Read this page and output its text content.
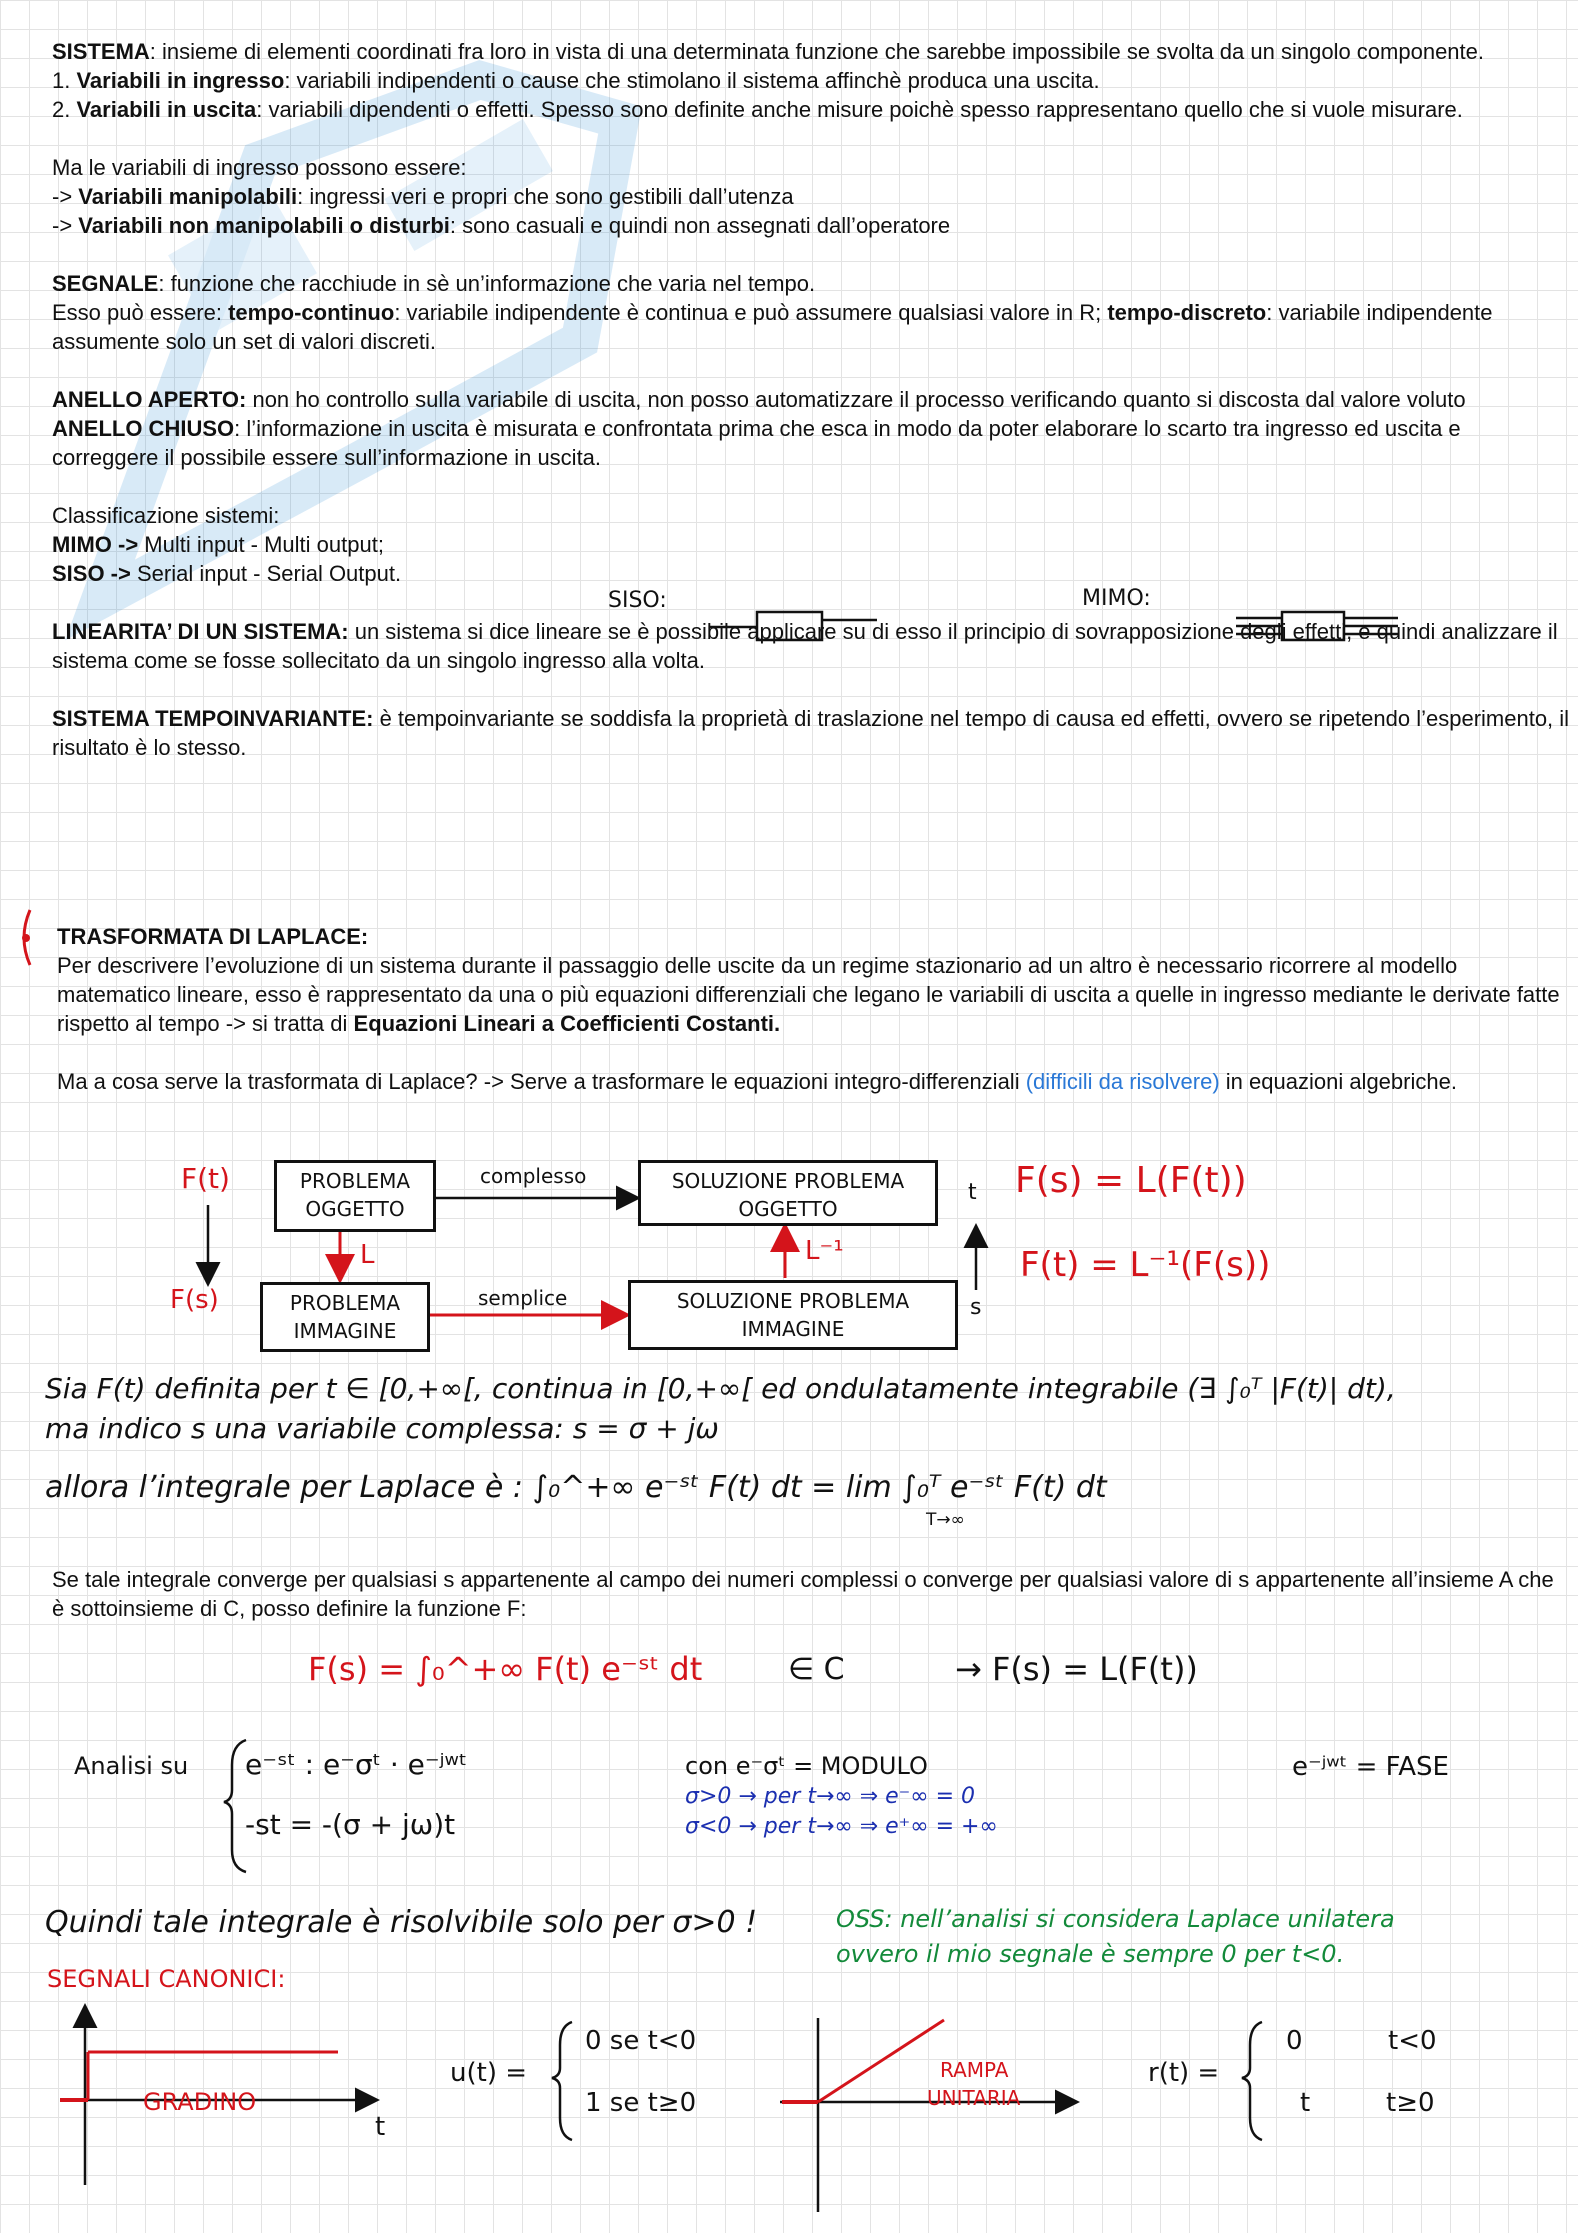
SISTEMA: insieme di elementi coordinati fra loro in vista di una determinata funzione che sarebbe impossibile se svolta da un singolo componente.

1. Variabili in ingresso: variabili indipendenti o cause che stimolano il sistema affinchè produca una uscita.

2. Variabili in uscita: variabili dipendenti o effetti. Spesso sono definite anche misure poichè spesso rappresentano quello che si vuole misurare.

Ma le variabili di ingresso possono essere:

-> Variabili manipolabili: ingressi veri e propri che sono gestibili dall’utenza

-> Variabili non manipolabili o disturbi: sono casuali e quindi non assegnati dall’operatore

SEGNALE: funzione che racchiude in sè un’informazione che varia nel tempo.

Esso può essere: tempo-continuo: variabile indipendente è continua e può assumere qualsiasi valore in R; tempo-discreto: variabile indipendente assumente solo un set di valori discreti.

ANELLO APERTO: non ho controllo sulla variabile di uscita, non posso automatizzare il processo verificando quanto si discosta dal valore voluto

ANELLO CHIUSO: l’informazione in uscita è misurata e confrontata prima che esca in modo da poter elaborare lo scarto tra ingresso ed uscita e correggere il possibile essere sull’informazione in uscita.

Classificazione sistemi:

MIMO -> Multi input - Multi output;

SISO -> Serial input - Serial Output.

LINEARITA’ DI UN SISTEMA: un sistema si dice lineare se è possibile applicare su di esso il principio di sovrapposizione degli effetti, e quindi analizzare il sistema come se fosse sollecitato da un singolo ingresso alla volta.

SISTEMA TEMPOINVARIANTE: è tempoinvariante se soddisfa la proprietà di traslazione nel tempo di causa ed effetti, ovvero se ripetendo l’esperimento, il risultato è lo stesso.

SISO:	MIMO:

TRASFORMATA DI LAPLACE:

Per descrivere l’evoluzione di un sistema durante il passaggio delle uscite da un regime stazionario ad un altro è necessario ricorrere al modello matematico lineare, esso è rappresentato da una o più equazioni differenziali che legano le variabili di uscita a quelle in ingresso mediante le derivate fatte rispetto al tempo -> si tratta di Equazioni Lineari a Coefficienti Costanti.

Ma a cosa serve la trasformata di Laplace? -> Serve a trasformare le equazioni integro-differenziali (difficili da risolvere) in equazioni algebriche.

F(t)
F(s)
PROBLEMA OGGETTO
SOLUZIONE PROBLEMA OGGETTO
PROBLEMA IMMAGINE
SOLUZIONE PROBLEMA IMMAGINE
complesso
semplice
L	L⁻¹
t
s
F(s) = L(F(t))
F(t) = L⁻¹(F(s))
Sia F(t) definita per t ∈ [0,+∞[, continua in [0,+∞[ ed ondulatamente integrabile (∃ ∫₀ᵀ |F(t)| dt),
ma indico s una variabile complessa: s = σ + jω
allora l’integrale per Laplace è : ∫₀^+∞ e⁻ˢᵗ F(t) dt = lim ∫₀ᵀ e⁻ˢᵗ F(t) dt
T→∞

Se tale integrale converge per qualsiasi s appartenente al campo dei numeri complessi o converge per qualsiasi valore di s appartenente all’insieme A che è sottoinsieme di C, posso definire la funzione F:

F(s) = ∫₀^+∞ F(t) e⁻ˢᵗ dt	∈ C	→ F(s) = L(F(t))
Analisi su e⁻ˢᵗ : e⁻σᵗ · e⁻ʲʷᵗ
-st = -(σ + jω)t
con e⁻σᵗ = MODULO
σ>0 → per t→∞ ⇒ e⁻∞ = 0
σ<0 → per t→∞ ⇒ e⁺∞ = +∞
e⁻ʲʷᵗ = FASE
Quindi tale integrale è risolvibile solo per σ>0 !	OSS: nell’analisi si considera Laplace unilatera
ovvero il mio segnale è sempre 0 per t<0.
SEGNALI CANONICI:
GRADINO
t
u(t) =
0 se t<0
1 se t≥0
RAMPA
UNITARIA
r(t) =
0	t<0
t	t≥0
